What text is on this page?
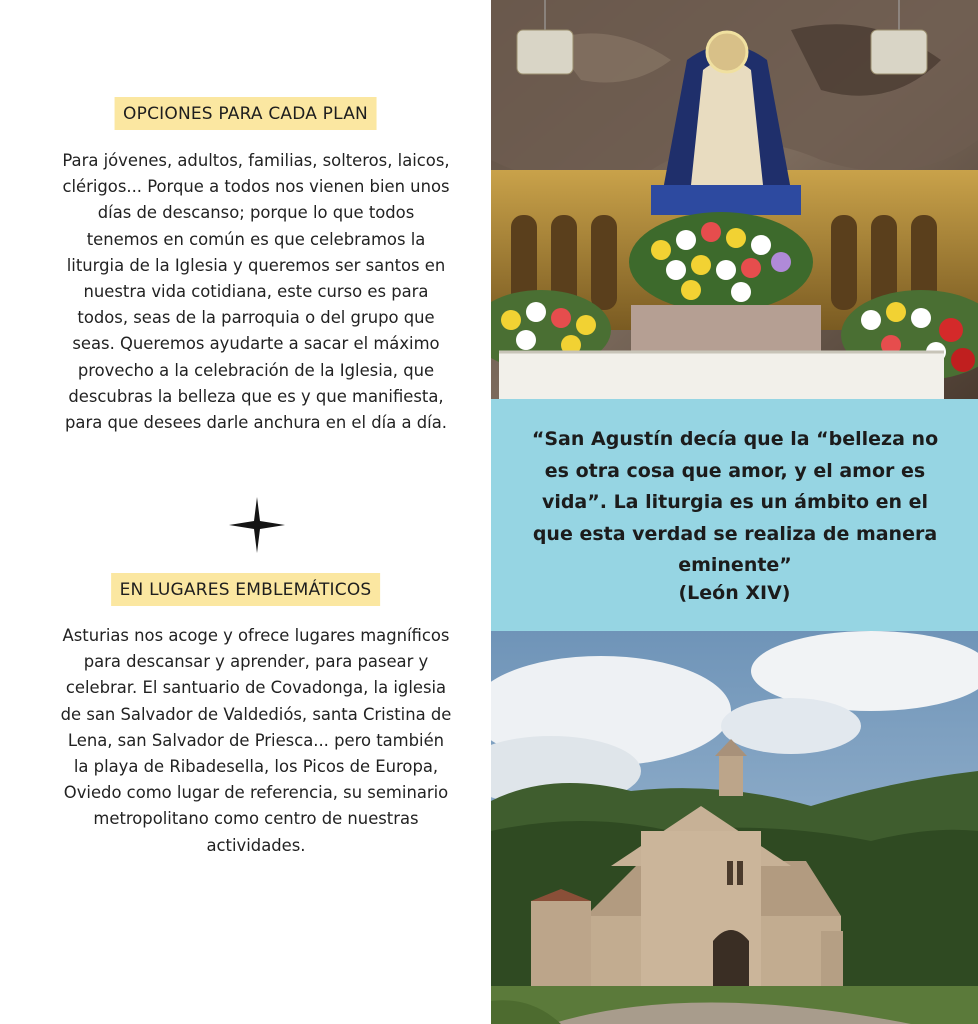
OPCIONES PARA CADA PLAN
Para jóvenes, adultos, familias, solteros, laicos, clérigos... Porque a todos nos vienen bien unos días de descanso; porque lo que todos tenemos en común es que celebramos la liturgia de la Iglesia y queremos ser santos en nuestra vida cotidiana, este curso es para todos, seas de la parroquia o del grupo que seas. Queremos ayudarte a sacar el máximo provecho a la celebración de la Iglesia, que descubras la belleza que es y que manifiesta, para que desees darle anchura en el día a día.
EN LUGARES EMBLEMÁTICOS
Asturias nos acoge y ofrece lugares magníficos para descansar y aprender, para pasear y celebrar. El santuario de Covadonga, la iglesia de san Salvador de Valdediós, santa Cristina de Lena, san Salvador de Priesca... pero también la playa de Ribadesella, los Picos de Europa, Oviedo como lugar de referencia, su seminario metropolitano como centro de nuestras actividades.
“San Agustín decía que la “belleza no es otra cosa que amor, y el amor es vida”. La liturgia es un ámbito en el que esta verdad se realiza de manera eminente”
(León XIV)
